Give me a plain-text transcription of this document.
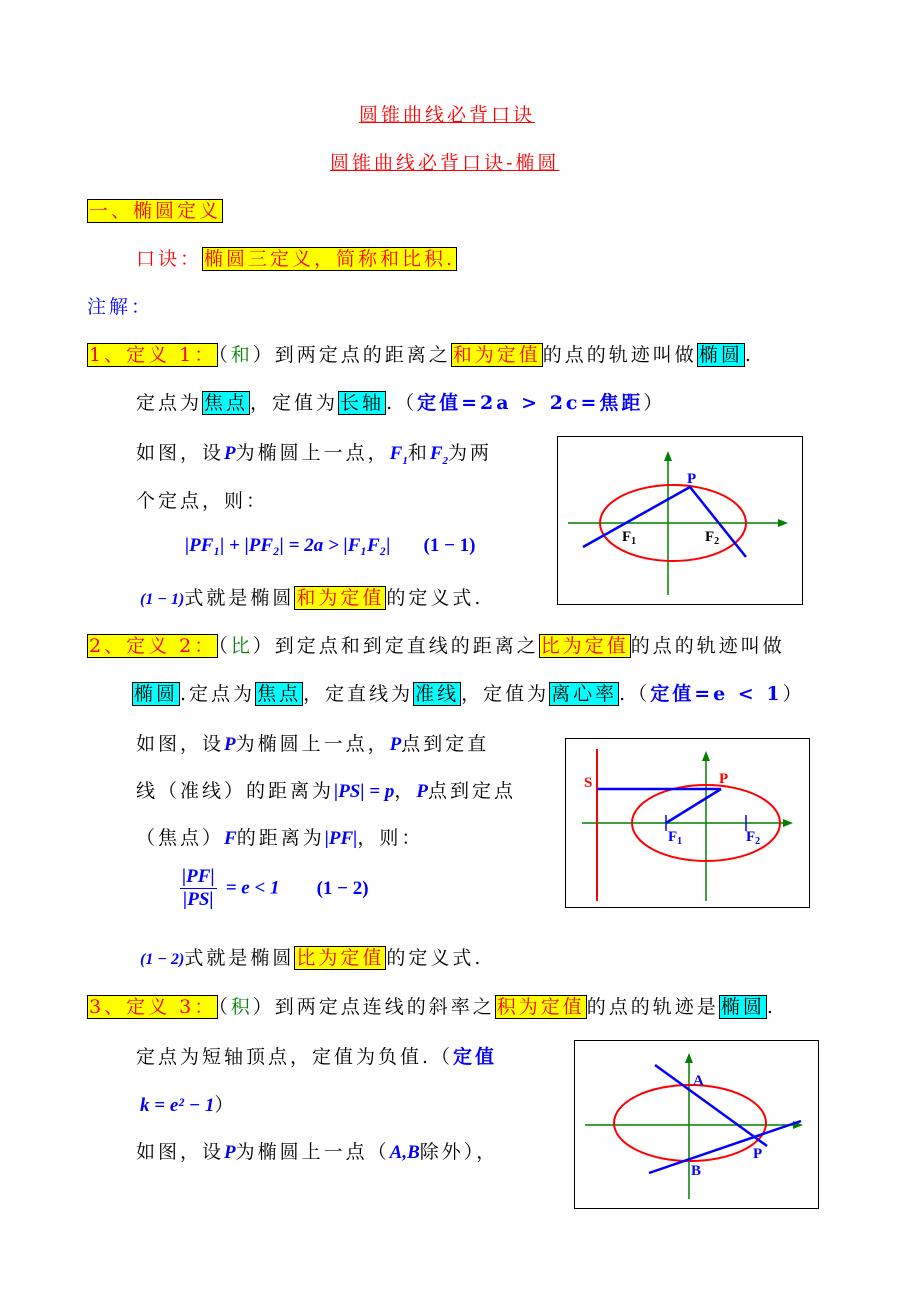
圆锥曲线必背口诀
圆锥曲线必背口诀-椭圆
一、椭圆定义
口诀： 椭圆三定义，简称和比积.
注解：
1、定义 1： （和）到两定点的距离之 和为定值 的点的轨迹叫做 椭圆 .
定点为 焦点 ，定值为 长轴 .（定值=2a > 2c=焦距）
如图，设P为椭圆上一点，$F_1$和$F_2$为两
个定点，则：
|PF₁| + |PF₂| = 2a > |F₁F₂| (1 − 1)
(1 − 1)式就是椭圆 和为定值 的定义式.
P
$F_1$	$F_2$
2、定义 2： （比）到定点和到定直线的距离之 比为定值 的点的轨迹叫做
椭圆 .定点为 焦点 ，定直线为 准线 ，定值为 离心率 .（定值=e < 1）
如图，设P为椭圆上一点，P点到定直
线（准线）的距离为|PS| = p，P点到定点
（焦点）F的距离为|PF|，则：
$\frac{|PF|}{|PS|} = e < 1$ (1 − 2)
(1 − 2)式就是椭圆 比为定值 的定义式.
S	P
$F_1$	$F_2$
3、定义 3： （积）到两定点连线的斜率之 积为定值 的点的轨迹是 椭圆 .
定点为短轴顶点，定值为负值.（定值
k = e² − 1）
如图，设P为椭圆上一点（A,B除外），
A
B
P
